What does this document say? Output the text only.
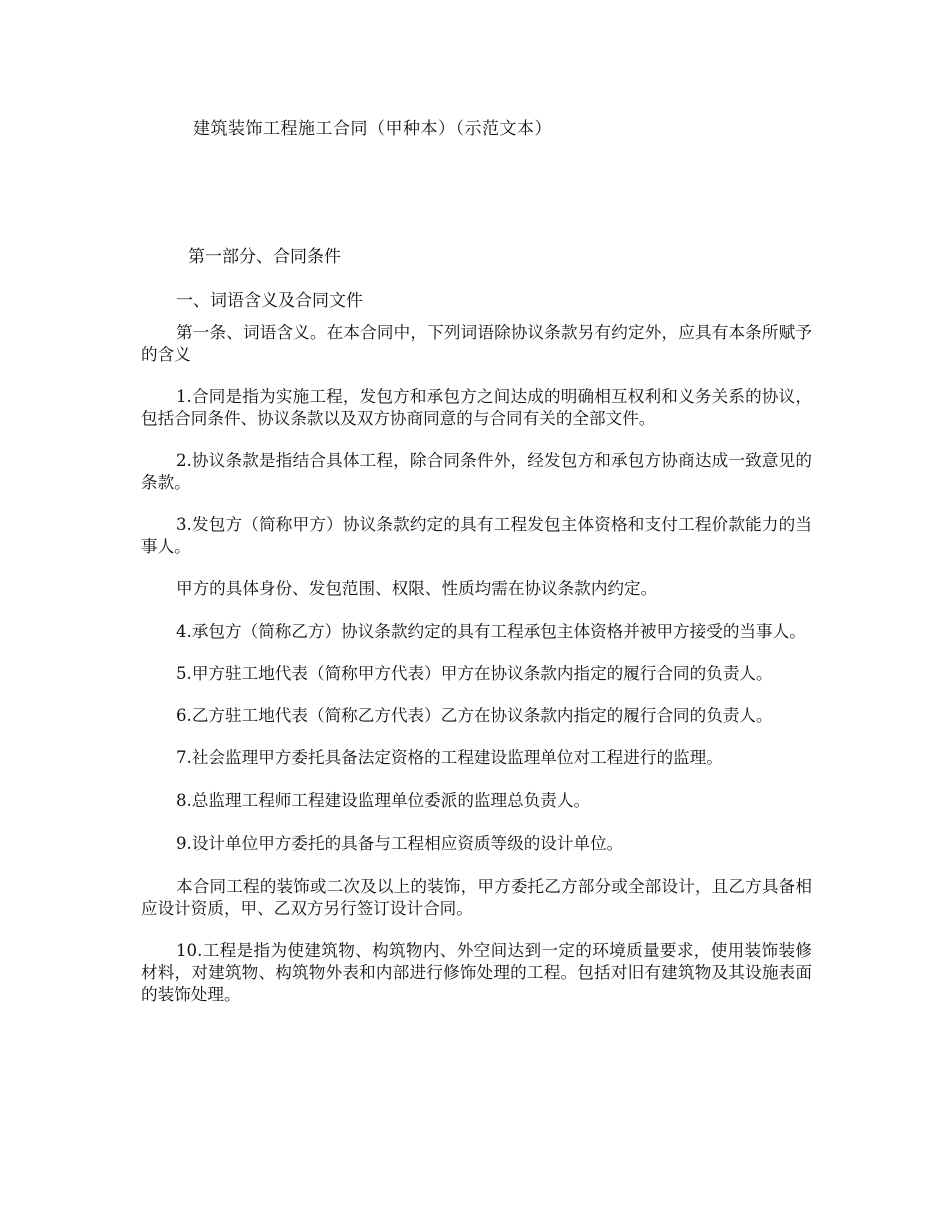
建筑装饰工程施工合同（甲种本）（示范文本）
第一部分、合同条件
一、词语含义及合同文件

第一条、词语含义。在本合同中，下列词语除协议条款另有约定外，应具有本条所赋予的含义

1.合同是指为实施工程，发包方和承包方之间达成的明确相互权利和义务关系的协议，包括合同条件、协议条款以及双方协商同意的与合同有关的全部文件。

2.协议条款是指结合具体工程，除合同条件外，经发包方和承包方协商达成一致意见的条款。

3.发包方（简称甲方）协议条款约定的具有工程发包主体资格和支付工程价款能力的当事人。

甲方的具体身份、发包范围、权限、性质均需在协议条款内约定。

4.承包方（简称乙方）协议条款约定的具有工程承包主体资格并被甲方接受的当事人。

5.甲方驻工地代表（简称甲方代表）甲方在协议条款内指定的履行合同的负责人。

6.乙方驻工地代表（简称乙方代表）乙方在协议条款内指定的履行合同的负责人。

7.社会监理甲方委托具备法定资格的工程建设监理单位对工程进行的监理。

8.总监理工程师工程建设监理单位委派的监理总负责人。

9.设计单位甲方委托的具备与工程相应资质等级的设计单位。

本合同工程的装饰或二次及以上的装饰，甲方委托乙方部分或全部设计，且乙方具备相应设计资质，甲、乙双方另行签订设计合同。

10.工程是指为使建筑物、构筑物内、外空间达到一定的环境质量要求，使用装饰装修材料，对建筑物、构筑物外表和内部进行修饰处理的工程。包括对旧有建筑物及其设施表面的装饰处理。
